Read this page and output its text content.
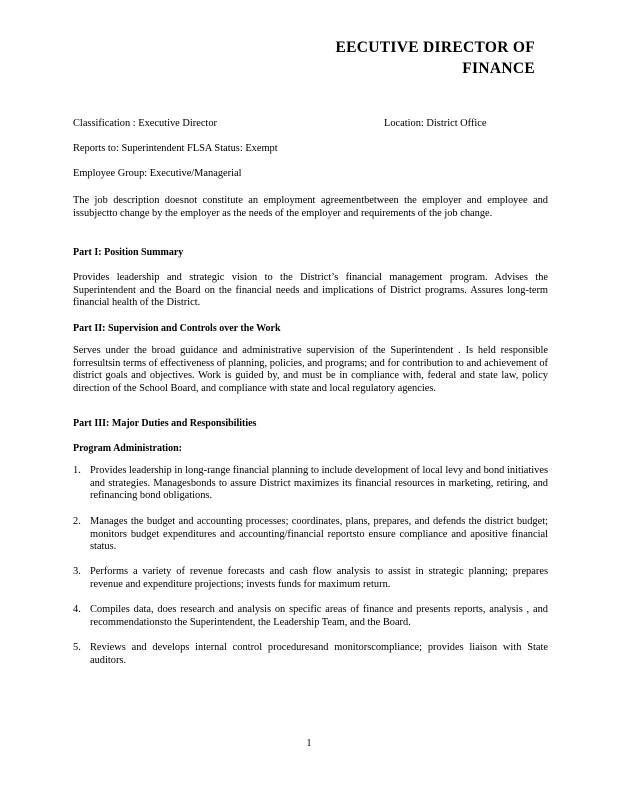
EECUTIVE DIRECTOR OF
FINANCE
Classification : Executive Director	Location: District Office
Reports to: Superintendent FLSA Status: Exempt
Employee Group: Executive/Managerial
The job description doesnot constitute an employment agreementbetween the employer and employee and issubjectto change by the employer as the needs of the employer and requirements of the job change.
Part I: Position Summary
Provides leadership and strategic vision to the District’s financial management program. Advises the Superintendent and the Board on the financial needs and implications of District programs. Assures long-term financial health of the District.
Part II: Supervision and Controls over the Work
Serves under the broad guidance and administrative supervision of the Superintendent . Is held responsible forresultsin terms of effectiveness of planning, policies, and programs; and for contribution to and achievement of district goals and objectives. Work is guided by, and must be in compliance with, federal and state law, policy direction of the School Board, and compliance with state and local regulatory agencies.
Part III: Major Duties and Responsibilities
Program Administration:
1. Provides leadership in long-range financial planning to include development of local levy and bond initiatives and strategies. Managesbonds to assure District maximizes its financial resources in marketing, retiring, and refinancing bond obligations.
2. Manages the budget and accounting processes; coordinates, plans, prepares, and defends the district budget; monitors budget expenditures and accounting/financial reportsto ensure compliance and apositive financial status.
3. Performs a variety of revenue forecasts and cash flow analysis to assist in strategic planning; prepares revenue and expenditure projections; invests funds for maximum return.
4. Compiles data, does research and analysis on specific areas of finance and presents reports, analysis , and recommendationsto the Superintendent, the Leadership Team, and the Board.
5. Reviews and develops internal control proceduresand monitorscompliance; provides liaison with State auditors.
1
